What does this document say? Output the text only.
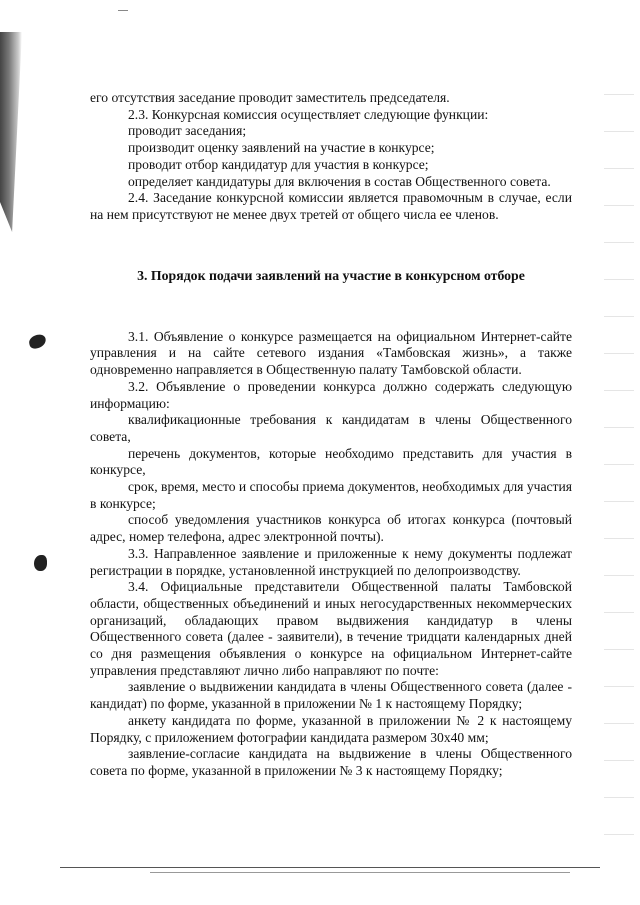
его отсутствия заседание проводит заместитель председателя.

2.3. Конкурсная комиссия осуществляет следующие функции:

проводит заседания;

производит оценку заявлений на участие в конкурсе;

проводит отбор кандидатур для участия в конкурсе;

определяет кандидатуры для включения в состав Общественного совета.

2.4. Заседание конкурсной комиссии является правомочным в случае, если на нем присутствуют не менее двух третей от общего числа ее членов.

3. Порядок подачи заявлений на участие в конкурсном отборе

3.1. Объявление о конкурсе размещается на официальном Интернет-сайте управления и на сайте сетевого издания «Тамбовская жизнь», а также одновременно направляется в Общественную палату Тамбовской области.

3.2. Объявление о проведении конкурса должно содержать следующую информацию:

квалификационные требования к кандидатам в члены Общественного совета,

перечень документов, которые необходимо представить для участия в конкурсе,

срок, время, место и способы приема документов, необходимых для участия в конкурсе;

способ уведомления участников конкурса об итогах конкурса (почтовый адрес, номер телефона, адрес электронной почты).

3.3. Направленное заявление и приложенные к нему документы подлежат регистрации в порядке, установленной инструкцией по делопроизводству.

3.4. Официальные представители Общественной палаты Тамбовской области, общественных объединений и иных негосударственных некоммерческих организаций, обладающих правом выдвижения кандидатур в члены Общественного совета (далее - заявители), в течение тридцати календарных дней со дня размещения объявления о конкурсе на официальном Интернет-сайте управления представляют лично либо направляют по почте:

заявление о выдвижении кандидата в члены Общественного совета (далее - кандидат) по форме, указанной в приложении № 1 к настоящему Порядку;

анкету кандидата по форме, указанной в приложении № 2 к настоящему Порядку, с приложением фотографии кандидата размером 30х40 мм;

заявление-согласие кандидата на выдвижение в члены Общественного совета по форме, указанной в приложении № 3 к настоящему Порядку;
